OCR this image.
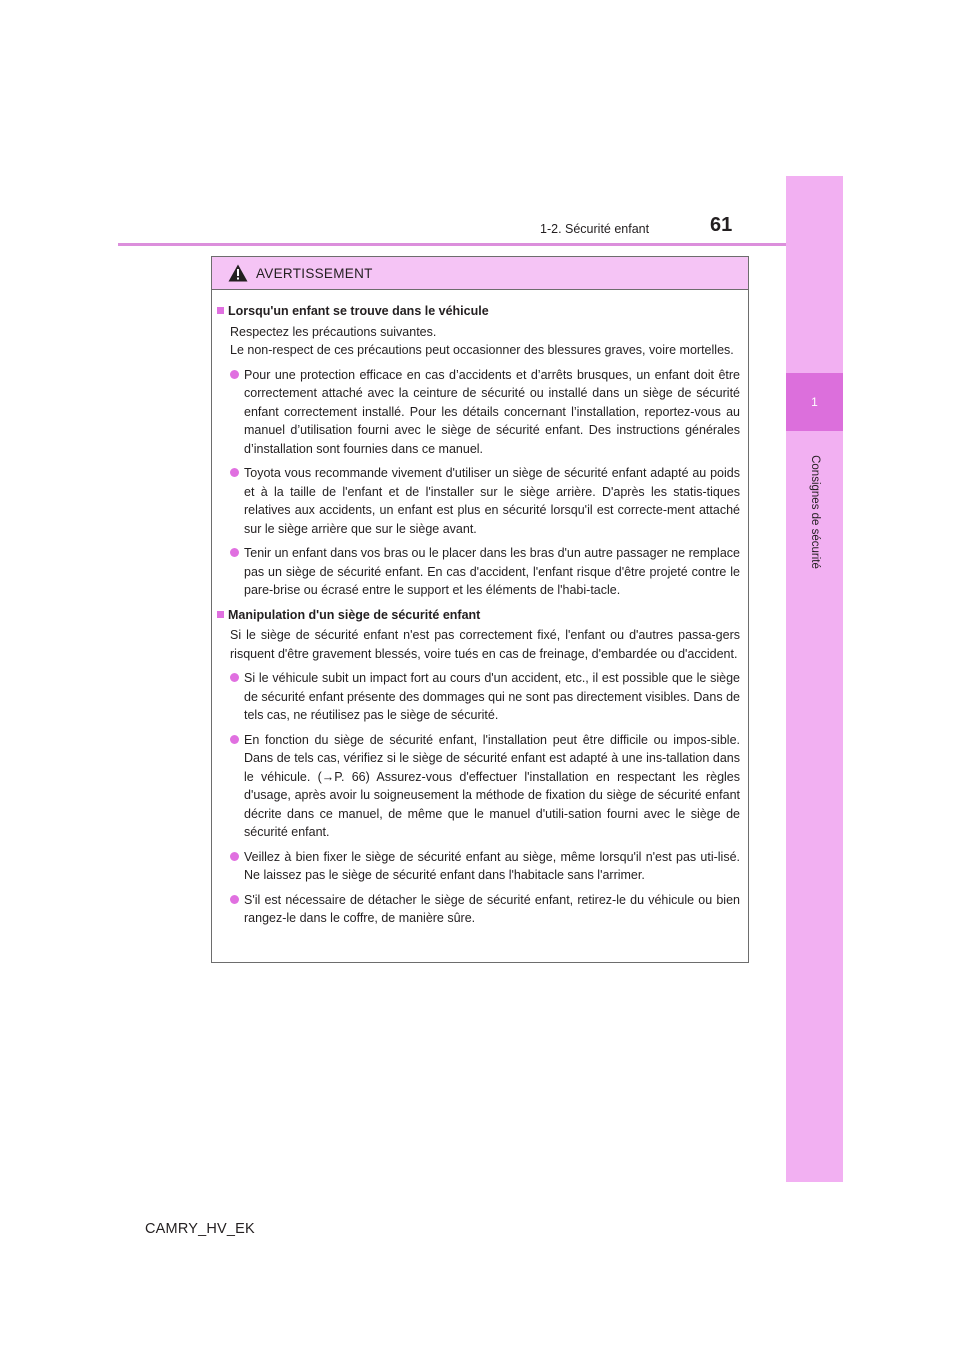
1
Consignes de sécurité
1-2. Sécurité enfant	61
AVERTISSEMENT
Lorsqu'un enfant se trouve dans le véhicule
Respectez les précautions suivantes.
Le non-respect de ces précautions peut occasionner des blessures graves, voire mortelles.
Pour une protection efficace en cas d’accidents et d’arrêts brusques, un enfant doit être correctement attaché avec la ceinture de sécurité ou installé dans un siège de sécurité enfant correctement installé. Pour les détails concernant l’installation, reportez-vous au manuel d’utilisation fourni avec le siège de sécurité enfant. Des instructions générales d’installation sont fournies dans ce manuel.
Toyota vous recommande vivement d'utiliser un siège de sécurité enfant adapté au poids et à la taille de l'enfant et de l'installer sur le siège arrière. D'après les statis-tiques relatives aux accidents, un enfant est plus en sécurité lorsqu'il est correcte-ment attaché sur le siège arrière que sur le siège avant.
Tenir un enfant dans vos bras ou le placer dans les bras d'un autre passager ne remplace pas un siège de sécurité enfant. En cas d'accident, l'enfant risque d'être projeté contre le pare-brise ou écrasé entre le support et les éléments de l'habi-tacle.
Manipulation d'un siège de sécurité enfant
Si le siège de sécurité enfant n'est pas correctement fixé, l'enfant ou d'autres passa-gers risquent d'être gravement blessés, voire tués en cas de freinage, d'embardée ou d'accident.
Si le véhicule subit un impact fort au cours d'un accident, etc., il est possible que le siège de sécurité enfant présente des dommages qui ne sont pas directement visibles. Dans de tels cas, ne réutilisez pas le siège de sécurité.
En fonction du siège de sécurité enfant, l'installation peut être difficile ou impos-sible. Dans de tels cas, vérifiez si le siège de sécurité enfant est adapté à une ins-tallation dans le véhicule. (→P. 66) Assurez-vous d'effectuer l'installation en respectant les règles d'usage, après avoir lu soigneusement la méthode de fixation du siège de sécurité enfant décrite dans ce manuel, de même que le manuel d'utili-sation fourni avec le siège de sécurité enfant.
Veillez à bien fixer le siège de sécurité enfant au siège, même lorsqu'il n'est pas uti-lisé. Ne laissez pas le siège de sécurité enfant dans l'habitacle sans l'arrimer.
S'il est nécessaire de détacher le siège de sécurité enfant, retirez-le du véhicule ou bien rangez-le dans le coffre, de manière sûre.
CAMRY_HV_EK
